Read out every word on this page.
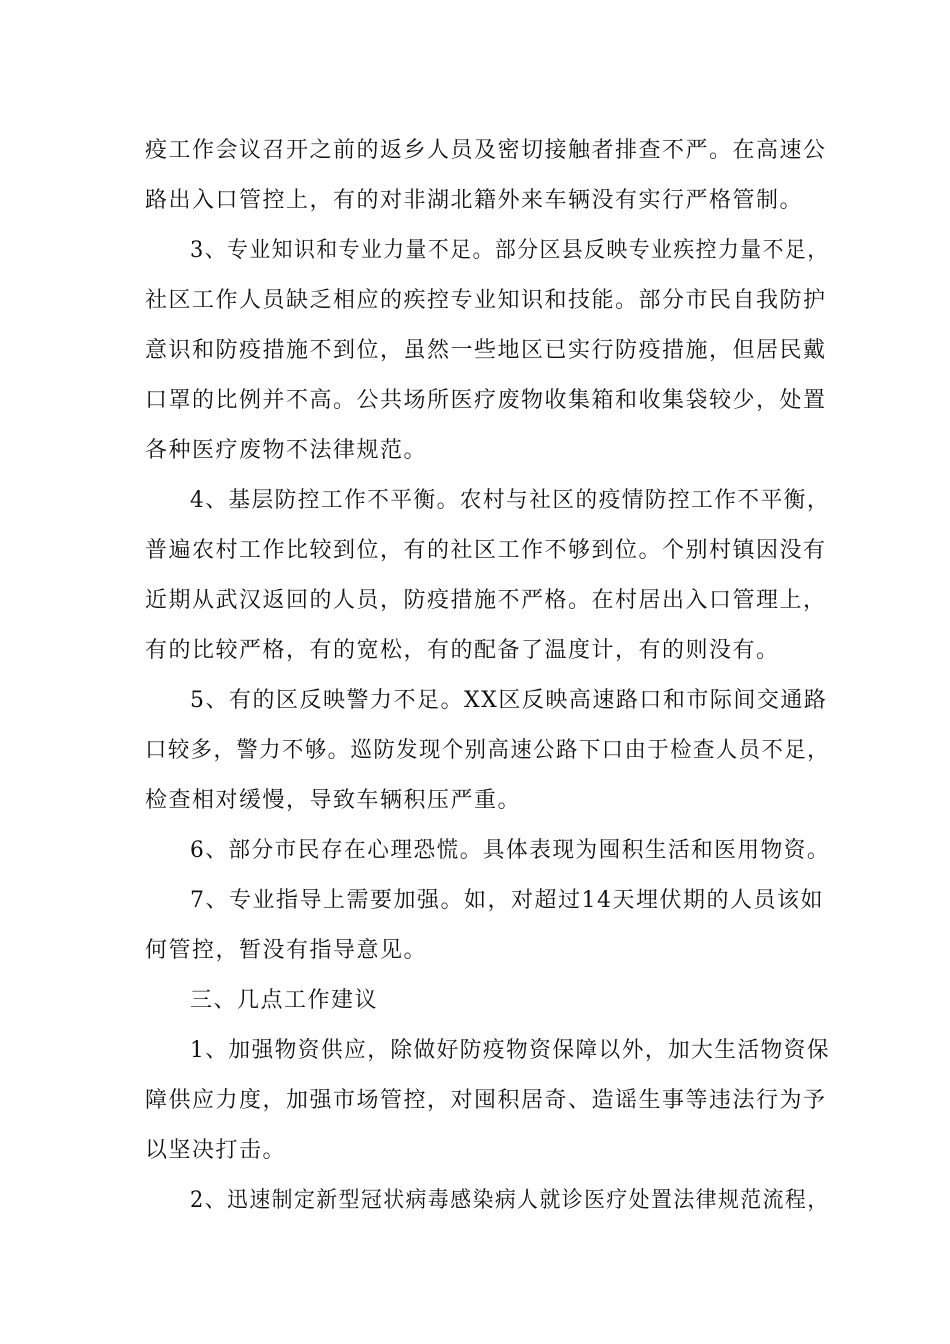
疫工作会议召开之前的返乡人员及密切接触者排查不严。在高速公

路出入口管控上，有的对非湖北籍外来车辆没有实行严格管制。

3、专业知识和专业力量不足。部分区县反映专业疾控力量不足，

社区工作人员缺乏相应的疾控专业知识和技能。部分市民自我防护

意识和防疫措施不到位，虽然一些地区已实行防疫措施，但居民戴

口罩的比例并不高。公共场所医疗废物收集箱和收集袋较少，处置

各种医疗废物不法律规范。

4、基层防控工作不平衡。农村与社区的疫情防控工作不平衡，

普遍农村工作比较到位，有的社区工作不够到位。个别村镇因没有

近期从武汉返回的人员，防疫措施不严格。在村居出入口管理上，

有的比较严格，有的宽松，有的配备了温度计，有的则没有。

5、有的区反映警力不足。XX区反映高速路口和市际间交通路

口较多，警力不够。巡防发现个别高速公路下口由于检查人员不足，

检查相对缓慢，导致车辆积压严重。

6、部分市民存在心理恐慌。具体表现为囤积生活和医用物资。

7、专业指导上需要加强。如，对超过14天埋伏期的人员该如

何管控，暂没有指导意见。

三、几点工作建议

1、加强物资供应，除做好防疫物资保障以外，加大生活物资保

障供应力度，加强市场管控，对囤积居奇、造谣生事等违法行为予

以坚决打击。

2、迅速制定新型冠状病毒感染病人就诊医疗处置法律规范流程，
